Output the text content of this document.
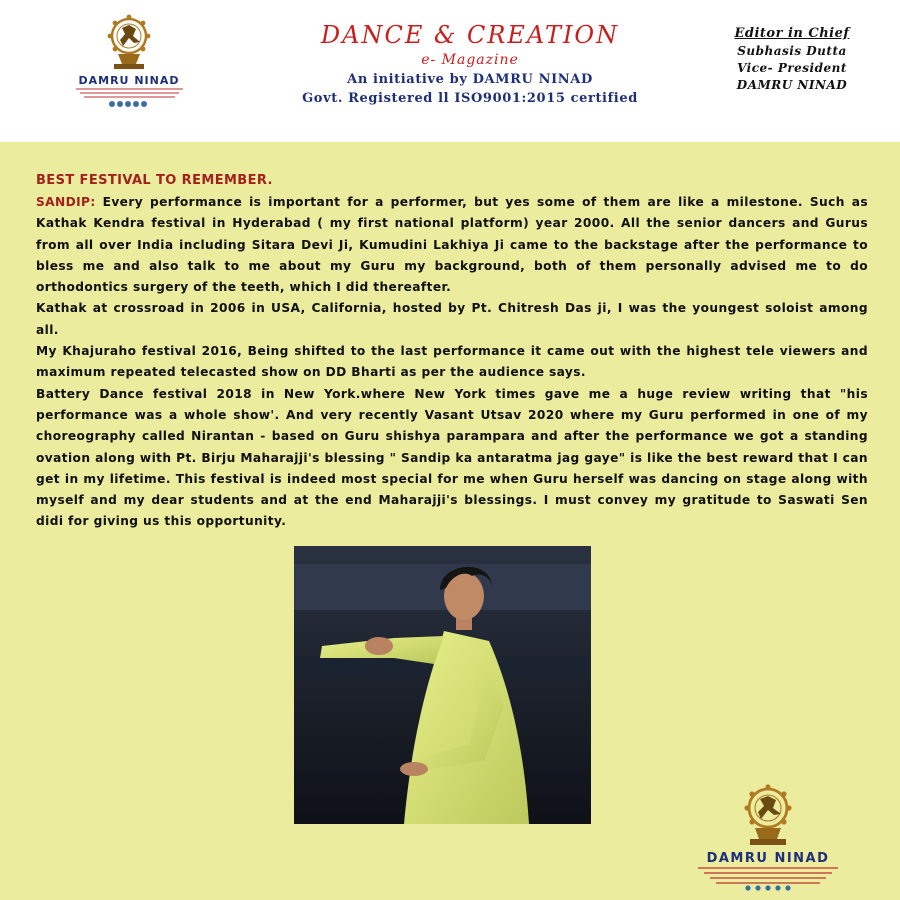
DAMRU NINAD
DANCE & CREATION
e- Magazine
An initiative by DAMRU NINAD
Govt. Registered ll ISO9001:2015 certified
Editor in Chief
Subhasis Dutta
Vice- President
DAMRU NINAD
BEST FESTIVAL TO REMEMBER.

SANDIP: Every performance is important for a performer, but yes some of them are like a milestone. Such as Kathak Kendra festival in Hyderabad ( my first national platform) year 2000. All the senior dancers and Gurus from all over India including Sitara Devi Ji, Kumudini Lakhiya Ji came to the backstage after the performance to bless me and also talk to me about my Guru my background, both of them personally advised me to do orthodontics surgery of the teeth, which I did thereafter.

Kathak at crossroad in 2006 in USA, California, hosted by Pt. Chitresh Das ji, I was the youngest soloist among all.

My Khajuraho festival 2016, Being shifted to the last performance it came out with the highest tele viewers and maximum repeated telecasted show on DD Bharti as per the audience says.

Battery Dance festival 2018 in New York.where New York times gave me a huge review writing that "his performance was a whole show'. And very recently Vasant Utsav 2020 where my Guru performed in one of my choreography called Nirantan - based on Guru shishya parampara and after the performance we got a standing ovation along with Pt. Birju Maharajji's blessing " Sandip ka antaratma jag gaye" is like the best reward that I can get in my lifetime. This festival is indeed most special for me when Guru herself was dancing on stage along with myself and my dear students and at the end Maharajji's blessings. I must convey my gratitude to Saswati Sen didi for giving us this opportunity.

DAMRU NINAD
